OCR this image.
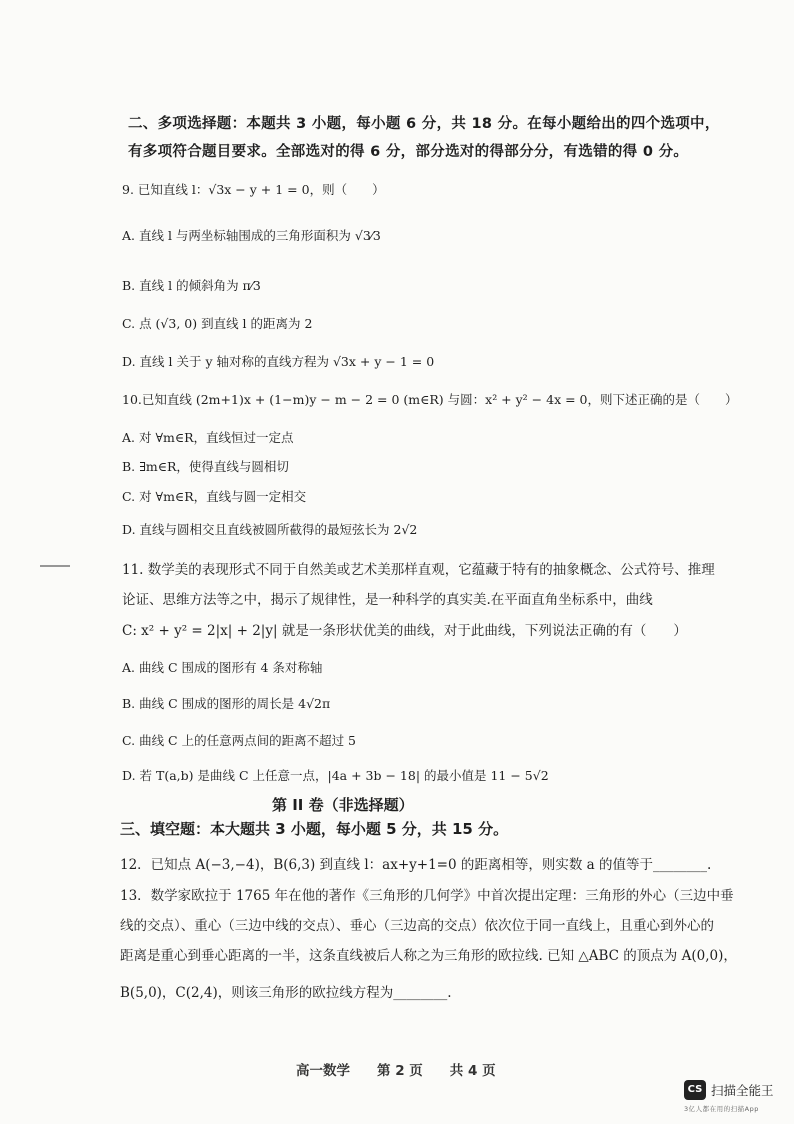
二、多项选择题：本题共 3 小题，每小题 6 分，共 18 分。在每小题给出的四个选项中，
有多项符合题目要求。全部选对的得 6 分，部分选对的得部分分，有选错的得 0 分。
9. 已知直线 l：√3x − y + 1 = 0，则（　　）
A. 直线 l 与两坐标轴围成的三角形面积为 √3⁄3
B. 直线 l 的倾斜角为 π⁄3
C. 点 (√3, 0) 到直线 l 的距离为 2
D. 直线 l 关于 y 轴对称的直线方程为 √3x + y − 1 = 0
10.已知直线 (2m+1)x + (1−m)y − m − 2 = 0 (m∈R) 与圆：x² + y² − 4x = 0，则下述正确的是（　　）
A. 对 ∀m∈R，直线恒过一定点
B. ∃m∈R，使得直线与圆相切
C. 对 ∀m∈R，直线与圆一定相交
D. 直线与圆相交且直线被圆所截得的最短弦长为 2√2
11. 数学美的表现形式不同于自然美或艺术美那样直观，它蕴藏于特有的抽象概念、公式符号、推理
论证、思维方法等之中，揭示了规律性，是一种科学的真实美.在平面直角坐标系中，曲线
C: x² + y² = 2|x| + 2|y| 就是一条形状优美的曲线，对于此曲线，下列说法正确的有（　　）
A. 曲线 C 围成的图形有 4 条对称轴
B. 曲线 C 围成的图形的周长是 4√2π
C. 曲线 C 上的任意两点间的距离不超过 5
D. 若 T(a,b) 是曲线 C 上任意一点，|4a + 3b − 18| 的最小值是 11 − 5√2
第 II 卷（非选择题）
三、填空题：本大题共 3 小题，每小题 5 分，共 15 分。
12．已知点 A(−3,−4)，B(6,3) 到直线 l：ax+y+1=0 的距离相等，则实数 a 的值等于________.
13．数学家欧拉于 1765 年在他的著作《三角形的几何学》中首次提出定理：三角形的外心（三边中垂
线的交点）、重心（三边中线的交点）、垂心（三边高的交点）依次位于同一直线上，且重心到外心的
距离是重心到垂心距离的一半，这条直线被后人称之为三角形的欧拉线. 已知 △ABC 的顶点为 A(0,0)，
B(5,0)，C(2,4)，则该三角形的欧拉线方程为________.
高一数学　　第 2 页　　共 4 页
CS 扫描全能王
3亿人都在用的扫描App
